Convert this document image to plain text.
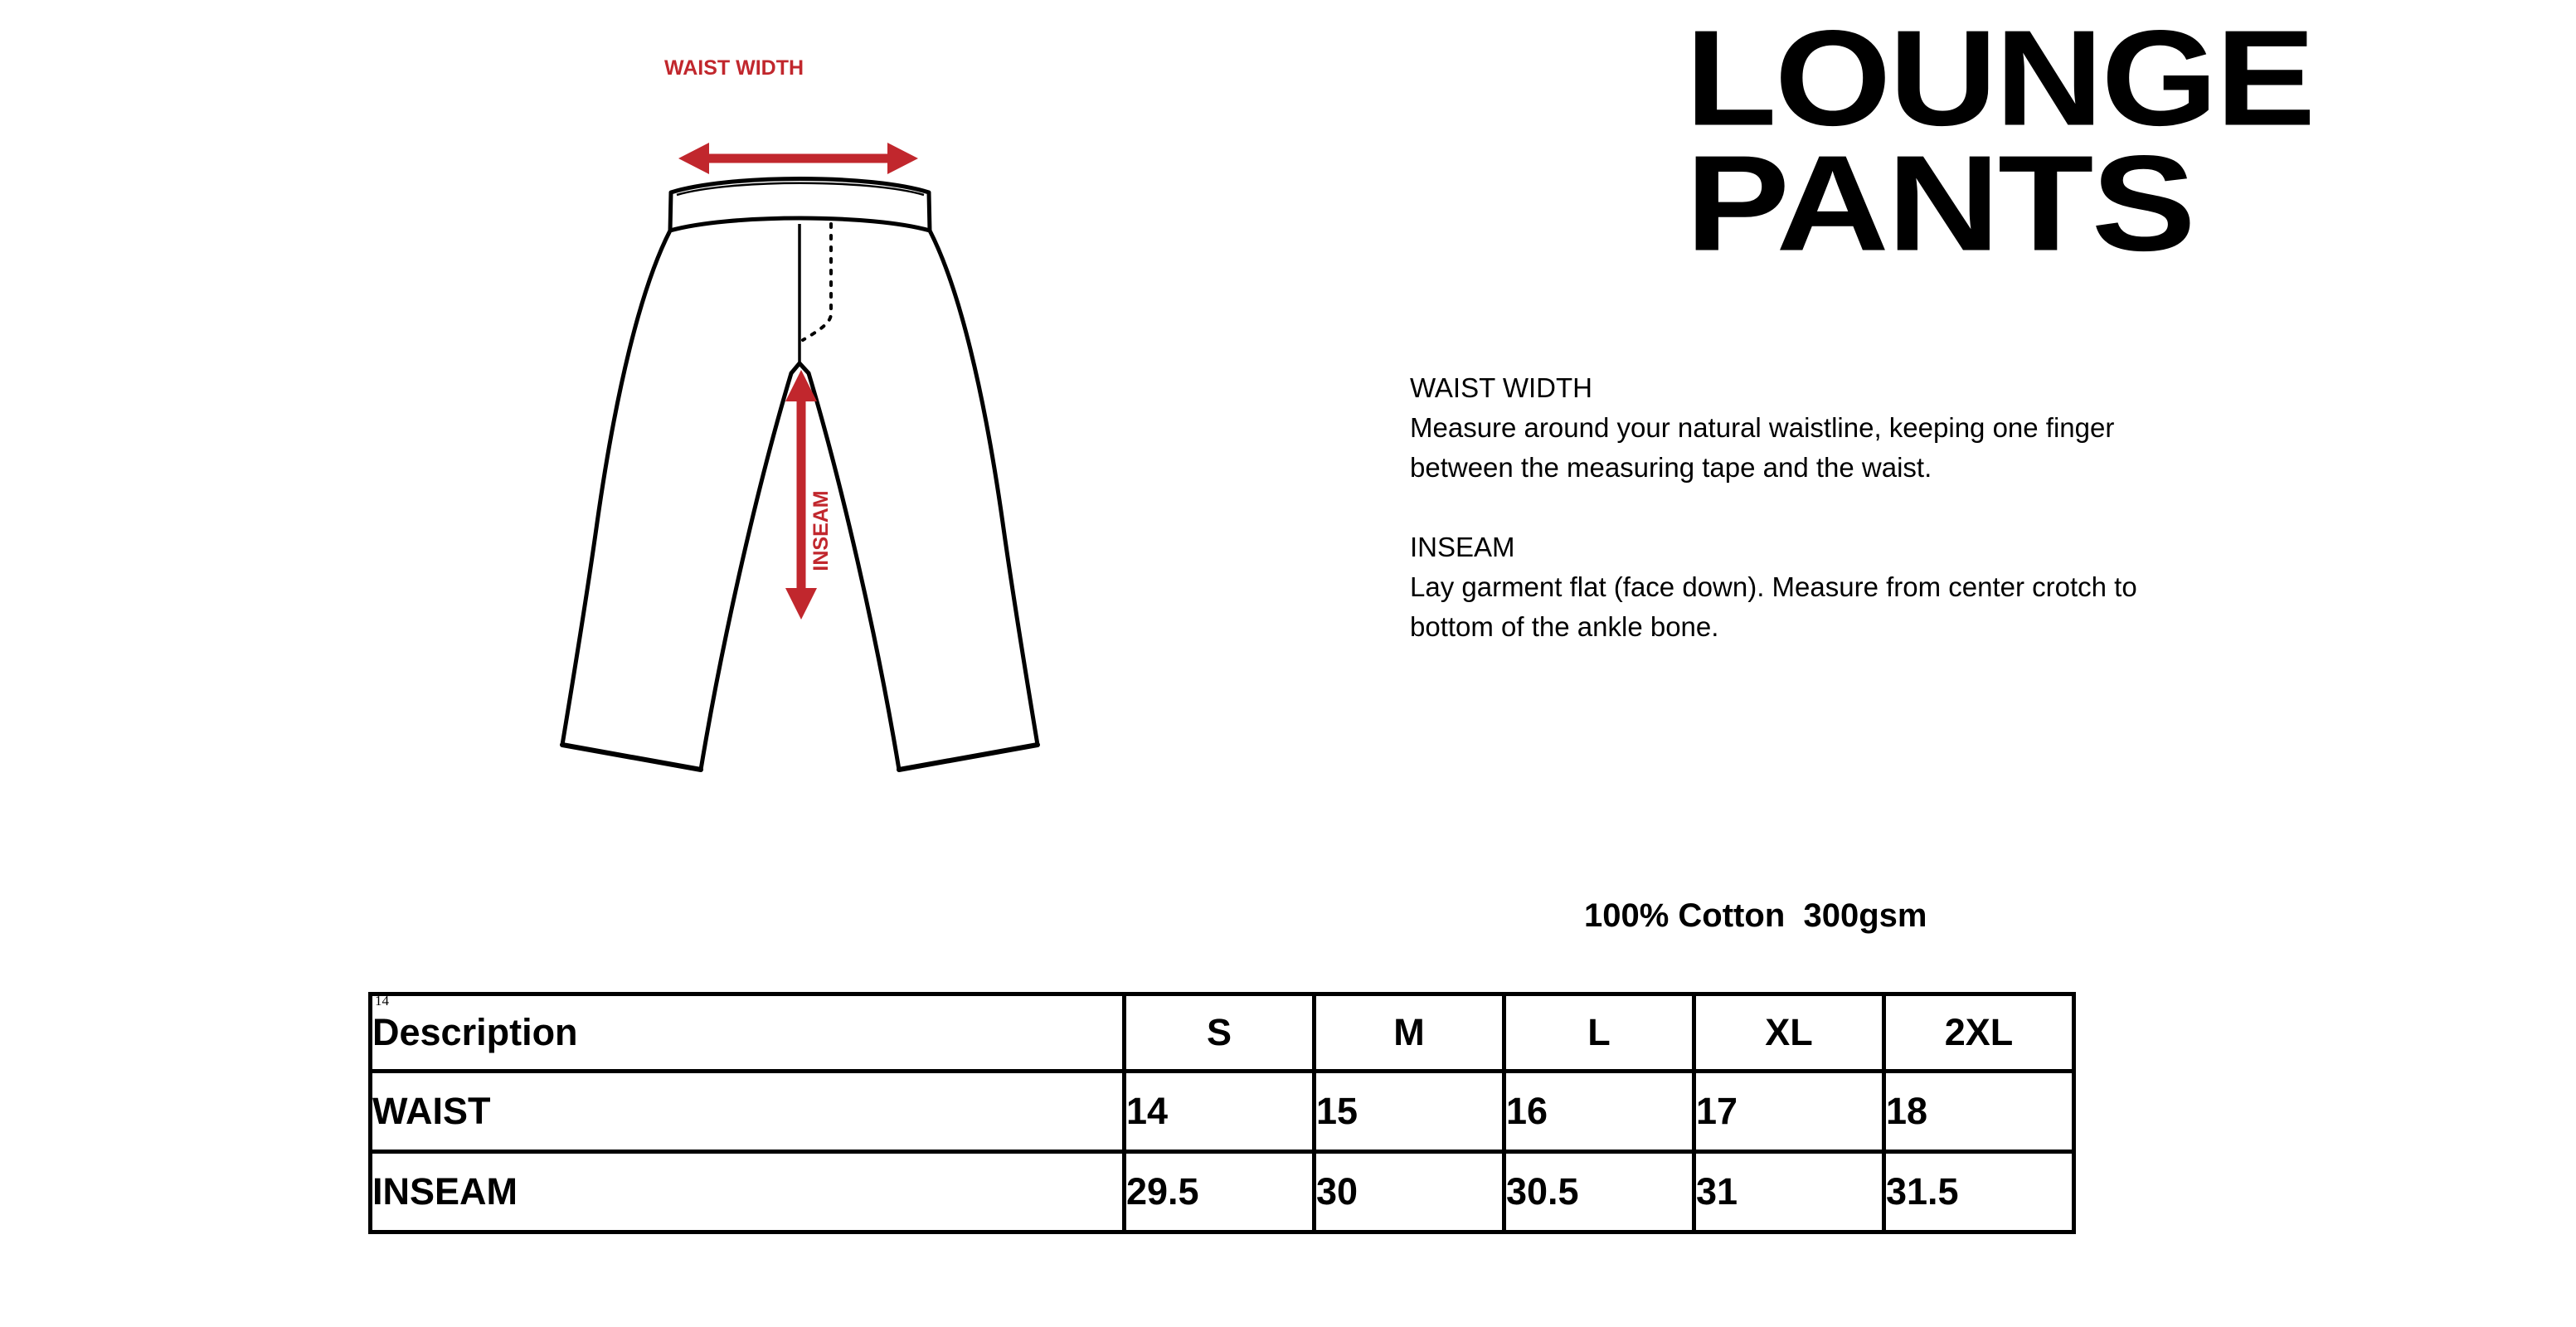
LOUNGE
PANTS
WAIST WIDTH
INSEAM
WAIST WIDTH
Measure around your natural waistline, keeping one finger
between the measuring tape and the waist.
INSEAM
Lay garment flat (face down). Measure from center crotch to
bottom of the ankle bone.
100% Cotton  300gsm
14
Description	S	M	L	XL	2XL
WAIST	14	15	16	17	18
INSEAM	29.5	30	30.5	31	31.5
